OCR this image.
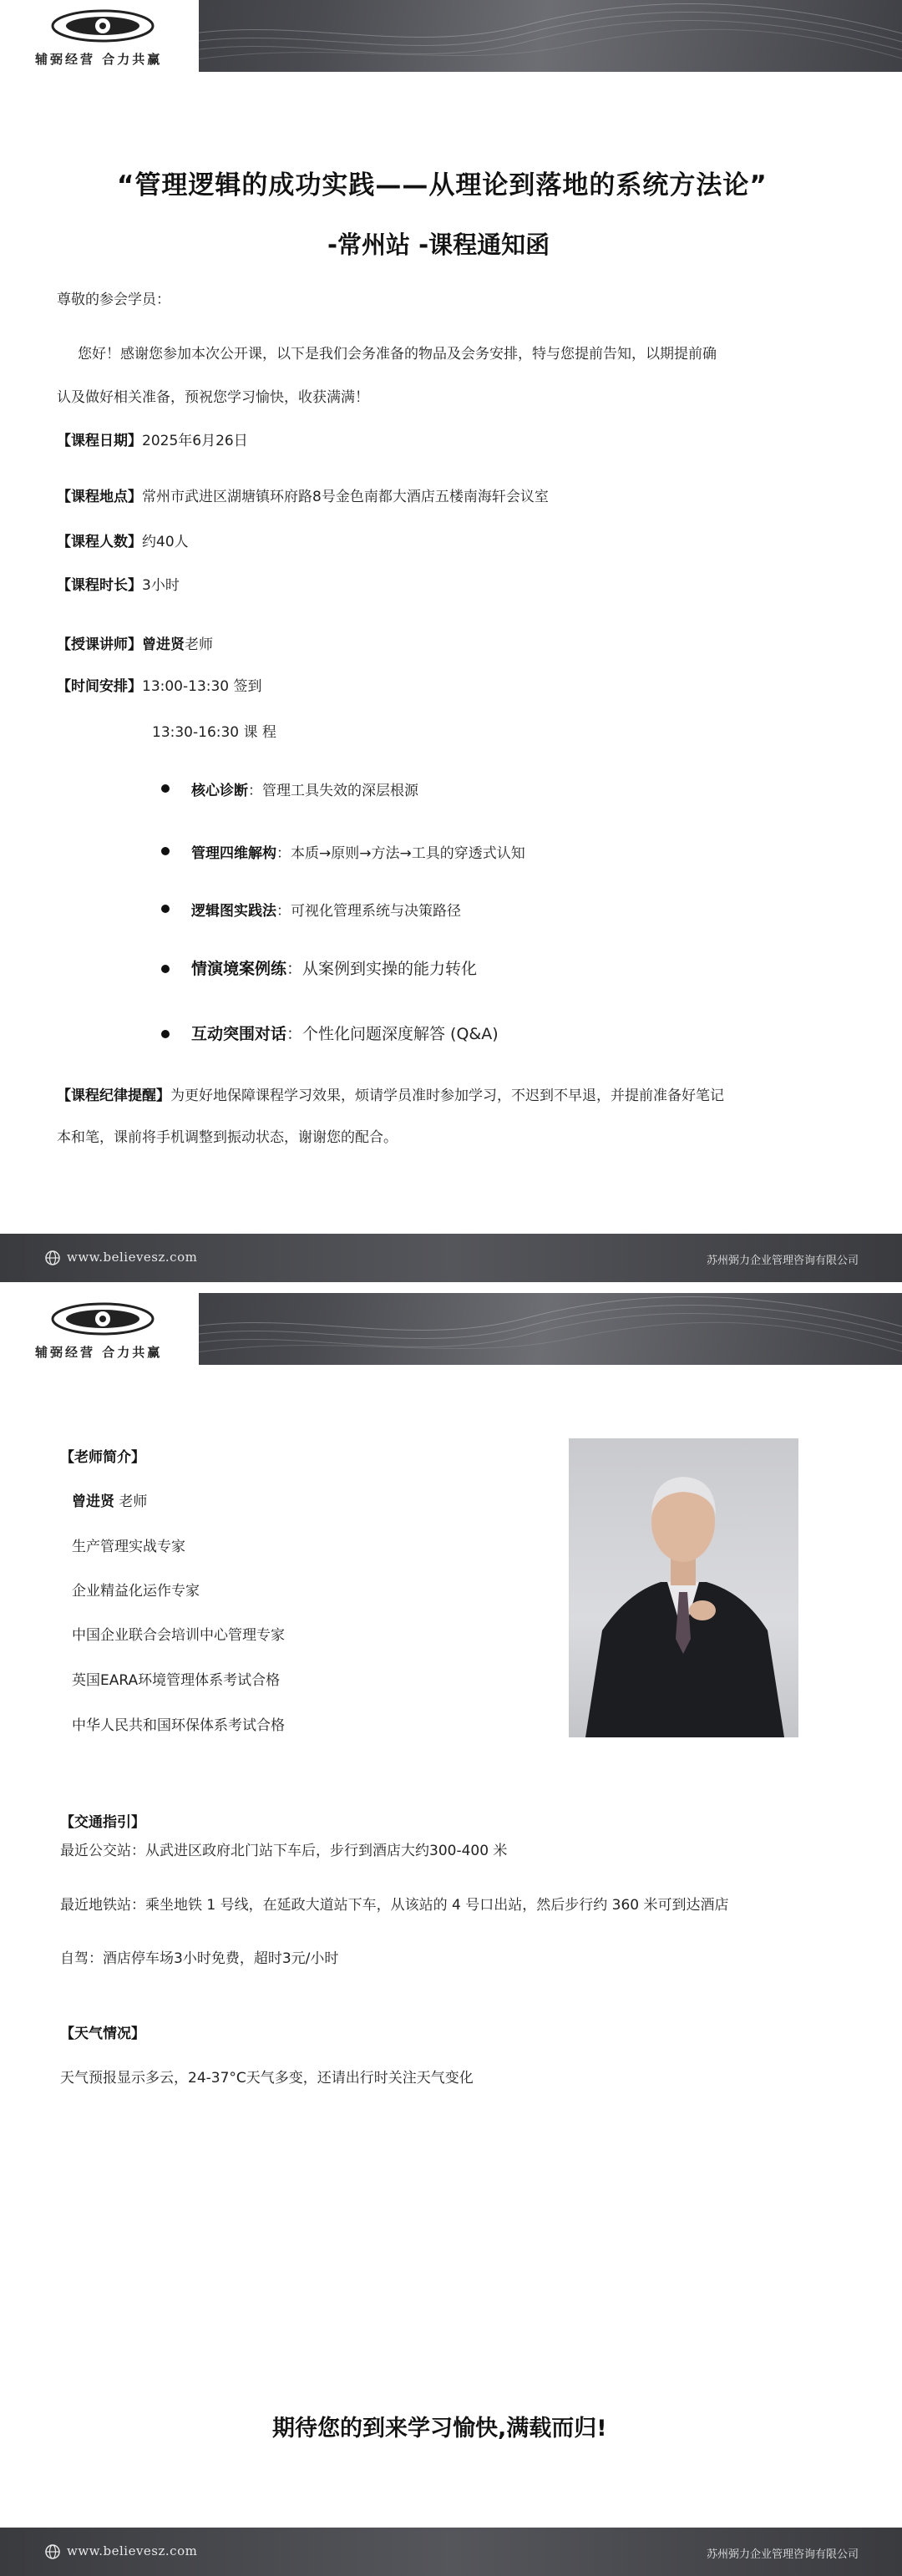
辅弼经营 合力共赢
“管理逻辑的成功实践——从理论到落地的系统方法论”
-常州站 -课程通知函
尊敬的参会学员：
您好！感谢您参加本次公开课，以下是我们会务准备的物品及会务安排，特与您提前告知，以期提前确
认及做好相关准备，预祝您学习愉快，收获满满！
【课程日期】2025年6月26日
【课程地点】常州市武进区湖塘镇环府路8号金色南都大酒店五楼南海轩会议室
【课程人数】约40人
【课程时长】3小时
【授课讲师】曾进贤老师
【时间安排】13:00-13:30 签到
13:30-16:30 课 程
核心诊断：管理工具失效的深层根源
管理四维解构：本质→原则→方法→工具的穿透式认知
逻辑图实践法：可视化管理系统与决策路径
情演境案例练：从案例到实操的能力转化
互动突围对话：个性化问题深度解答 (Q&A)
【课程纪律提醒】为更好地保障课程学习效果，烦请学员准时参加学习，不迟到不早退，并提前准备好笔记
本和笔，课前将手机调整到振动状态，谢谢您的配合。
www.believesz.com	苏州弼力企业管理咨询有限公司
辅弼经营 合力共赢
【老师简介】
曾进贤 老师
生产管理实战专家
企业精益化运作专家
中国企业联合会培训中心管理专家
英国EARA环境管理体系考试合格
中华人民共和国环保体系考试合格
【交通指引】
最近公交站：从武进区政府北门站下车后，步行到酒店大约300-400 米
最近地铁站：乘坐地铁 1 号线，在延政大道站下车，从该站的 4 号口出站，然后步行约 360 米可到达酒店
自驾：酒店停车场3小时免费，超时3元/小时
【天气情况】
天气预报显示多云，24-37°C天气多变，还请出行时关注天气变化
期待您的到来学习愉快,满载而归!
www.believesz.com	苏州弼力企业管理咨询有限公司
